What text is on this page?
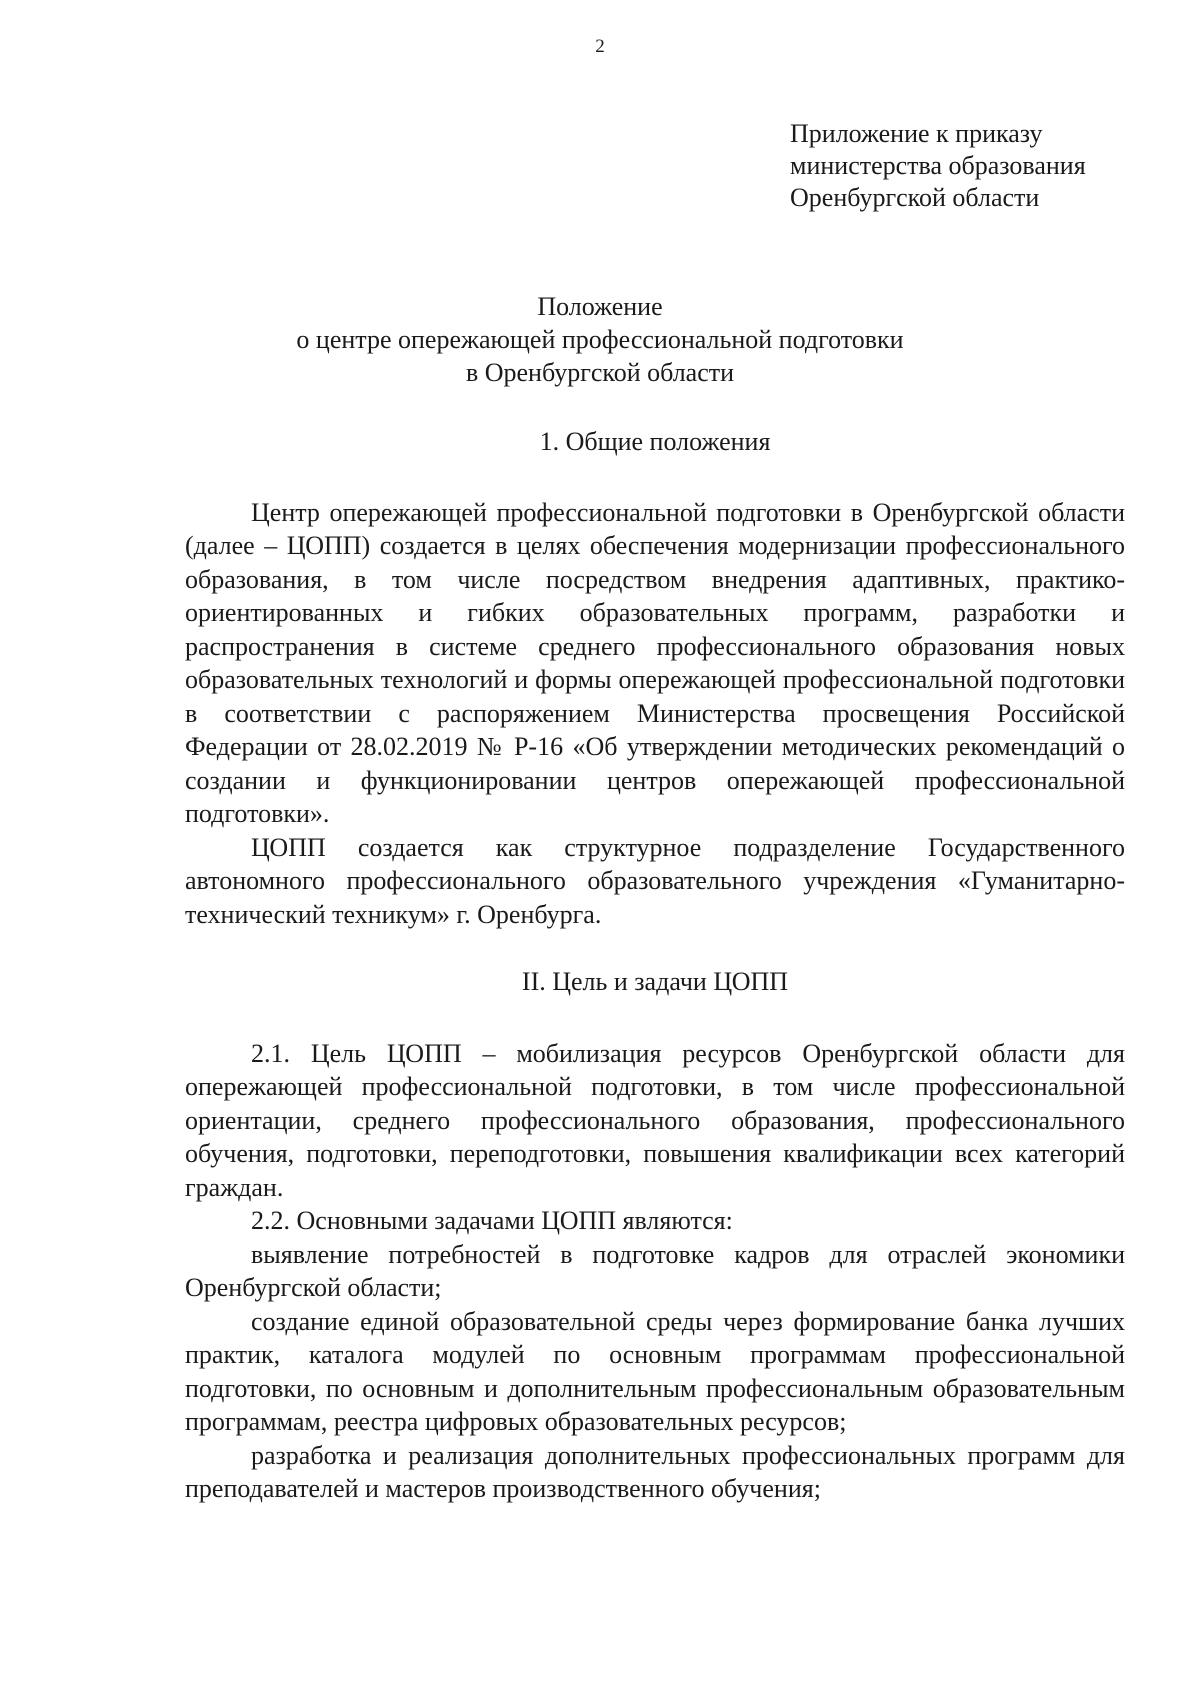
2
Приложение к приказу
министерства образования
Оренбургской области
Положение
о центре опережающей профессиональной подготовки
в Оренбургской области

1. Общие положения

Центр опережающей профессиональной подготовки в Оренбургской области (далее – ЦОПП) создается в целях обеспечения модернизации профессионального образования, в том числе посредством внедрения адаптивных, практико-ориентированных и гибких образовательных программ, разработки и распространения в системе среднего профессионального образования новых образовательных технологий и формы опережающей профессиональной подготовки в соответствии с распоряжением Министерства просвещения Российской Федерации от 28.02.2019 № Р-16 «Об утверждении методических рекомендаций о создании и функционировании центров опережающей профессиональной подготовки».

ЦОПП создается как структурное подразделение Государственного автономного профессионального образовательного учреждения «Гуманитарно-технический техникум» г. Оренбурга.

II. Цель и задачи ЦОПП

2.1. Цель ЦОПП – мобилизация ресурсов Оренбургской области для опережающей профессиональной подготовки, в том числе профессиональной ориентации, среднего профессионального образования, профессионального обучения, подготовки, переподготовки, повышения квалификации всех категорий граждан.

2.2. Основными задачами ЦОПП являются:

выявление потребностей в подготовке кадров для отраслей экономики Оренбургской области;

создание единой образовательной среды через формирование банка лучших практик, каталога модулей по основным программам профессиональной подготовки, по основным и дополнительным профессиональным образовательным программам, реестра цифровых образовательных ресурсов;

разработка и реализация дополнительных профессиональных программ для преподавателей и мастеров производственного обучения;
